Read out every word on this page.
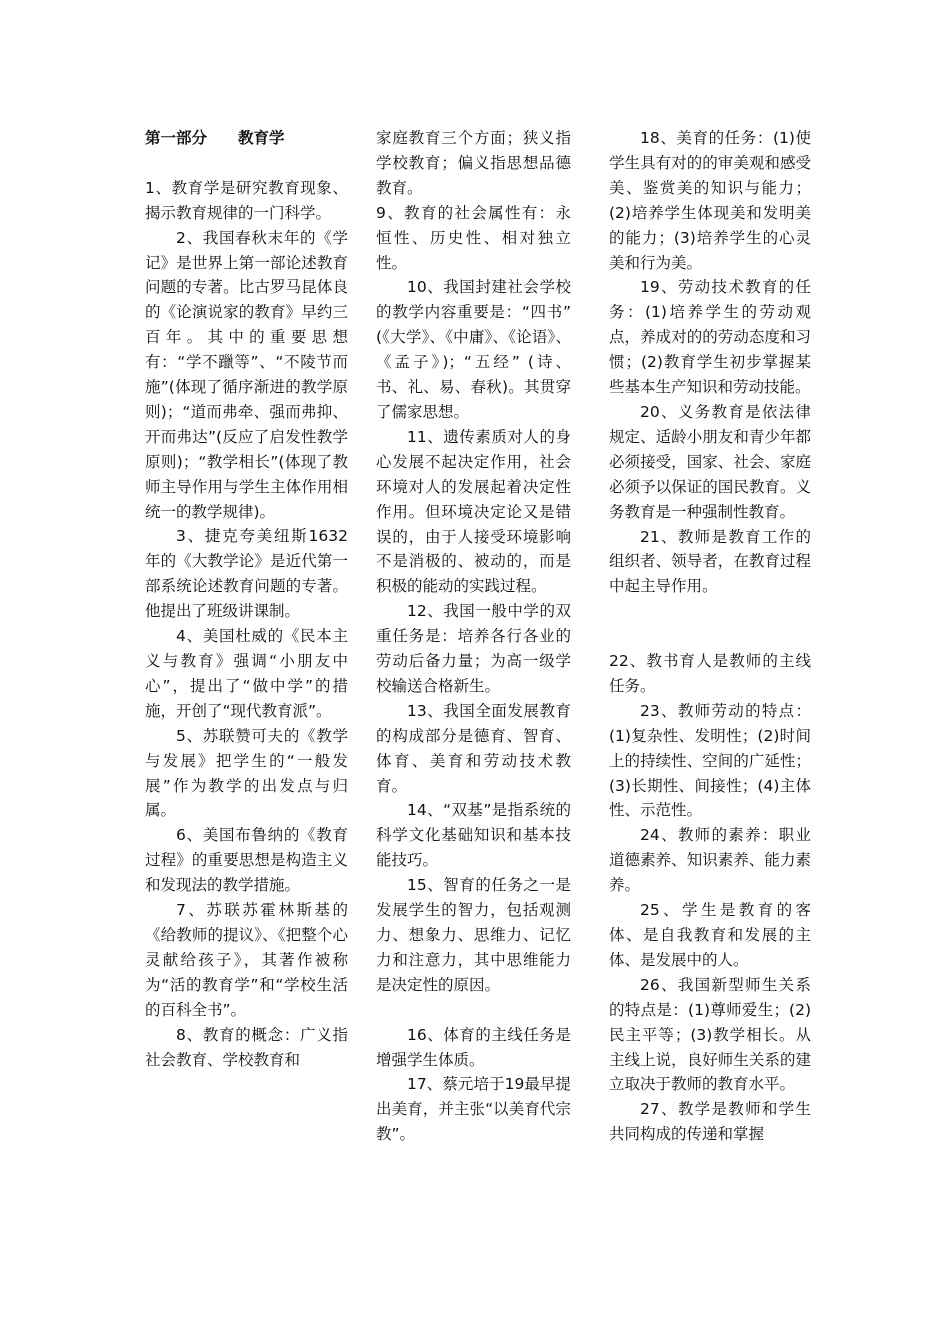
第一部分　　教育学

1、教育学是研究教育现象、揭示教育规律的一门科学。

2、我国春秋末年的《学记》是世界上第一部论述教育问题的专著。比古罗马昆体良的《论演说家的教育》早约三百年。其中的重要思想有：“学不躐等”、“不陵节而施”(体现了循序渐进的教学原则)；“道而弗牵、强而弗抑、开而弗达”(反应了启发性教学原则)；“教学相长”(体现了教师主导作用与学生主体作用相统一的教学规律)。

3、捷克夸美纽斯1632年的《大教学论》是近代第一部系统论述教育问题的专著。他提出了班级讲课制。

4、美国杜威的《民本主义与教育》强调“小朋友中心”，提出了“做中学”的措施，开创了“现代教育派”。

5、苏联赞可夫的《教学与发展》把学生的“一般发展”作为教学的出发点与归属。

6、美国布鲁纳的《教育过程》的重要思想是构造主义和发现法的教学措施。

7、苏联苏霍林斯基的《给教师的提议》、《把整个心灵献给孩子》，其著作被称为“活的教育学”和“学校生活的百科全书”。

8、教育的概念：广义指社会教育、学校教育和

家庭教育三个方面；狭义指学校教育；偏义指思想品德教育。

9、教育的社会属性有：永恒性、历史性、相对独立性。

10、我国封建社会学校的教学内容重要是：“四书” (《大学》、《中庸》、《论语》、《孟子》)；“五经” (诗、书、礼、易、春秋)。其贯穿了儒家思想。

11、遗传素质对人的身心发展不起决定作用，社会环境对人的发展起着决定性作用。但环境决定论又是错误的，由于人接受环境影响不是消极的、被动的，而是积极的能动的实践过程。

12、我国一般中学的双重任务是：培养各行各业的劳动后备力量；为高一级学校输送合格新生。

13、我国全面发展教育的构成部分是德育、智育、体育、美育和劳动技术教育。

14、“双基”是指系统的科学文化基础知识和基本技能技巧。

15、智育的任务之一是发展学生的智力，包括观测力、想象力、思维力、记忆力和注意力，其中思维能力是决定性的原因。

16、体育的主线任务是增强学生体质。

17、蔡元培于19最早提出美育，并主张“以美育代宗教”。

18、美育的任务：(1)使学生具有对的的审美观和感受美、鉴赏美的知识与能力；(2)培养学生体现美和发明美的能力；(3)培养学生的心灵美和行为美。

19、劳动技术教育的任务：(1)培养学生的劳动观点，养成对的的劳动态度和习惯；(2)教育学生初步掌握某些基本生产知识和劳动技能。

20、义务教育是依法律规定、适龄小朋友和青少年都必须接受，国家、社会、家庭必须予以保证的国民教育。义务教育是一种强制性教育。

21、教师是教育工作的组织者、领导者，在教育过程中起主导作用。

22、教书育人是教师的主线任务。

23、教师劳动的特点：(1)复杂性、发明性；(2)时间上的持续性、空间的广延性；(3)长期性、间接性；(4)主体性、示范性。

24、教师的素养：职业道德素养、知识素养、能力素养。

25、学生是教育的客体、是自我教育和发展的主体、是发展中的人。

26、我国新型师生关系的特点是：(1)尊师爱生；(2)民主平等；(3)教学相长。从主线上说，良好师生关系的建立取决于教师的教育水平。

27、教学是教师和学生共同构成的传递和掌握
